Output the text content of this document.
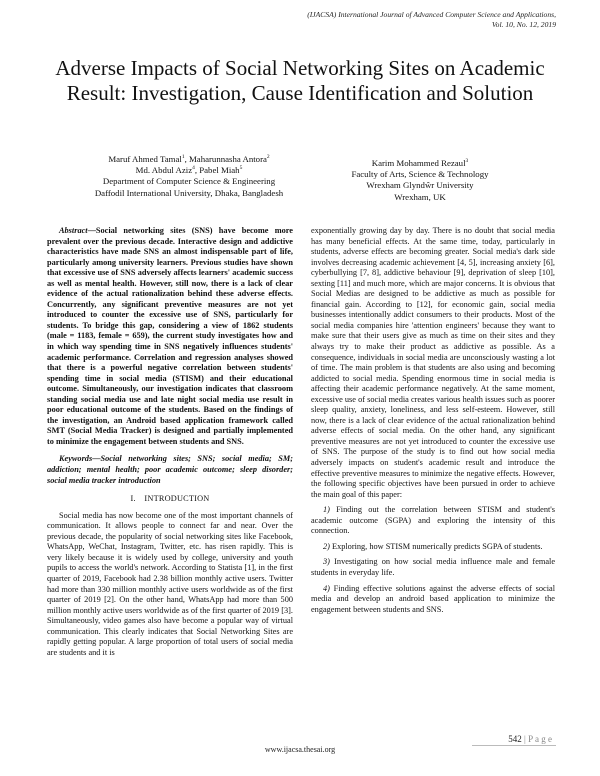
(IJACSA) International Journal of Advanced Computer Science and Applications,
Vol. 10, No. 12, 2019
Adverse Impacts of Social Networking Sites on Academic Result: Investigation, Cause Identification and Solution
Maruf Ahmed Tamal$^1$, Maharunnasha Antora$^2$
Md. Abdul Aziz$^4$, Pabel Miah$^5$
Department of Computer Science & Engineering
Daffodil International University, Dhaka, Bangladesh
Karim Mohammed Rezaul$^3$
Faculty of Arts, Science & Technology
Wrexham Glyndŵr University
Wrexham, UK

Abstract—Social networking sites (SNS) have become more prevalent over the previous decade. Interactive design and addictive characteristics have made SNS an almost indispensable part of life, particularly among university learners. Previous studies have shown that excessive use of SNS adversely affects learners' academic success as well as mental health. However, still now, there is a lack of clear evidence of the actual rationalization behind these adverse effects. Concurrently, any significant preventive measures are not yet introduced to counter the excessive use of SNS, particularly for students. To bridge this gap, considering a view of 1862 students (male = 1183, female = 659), the current study investigates how and in which way spending time in SNS negatively influences students' academic performance. Correlation and regression analyses showed that there is a powerful negative correlation between students' spending time in social media (STISM) and their educational outcome. Simultaneously, our investigation indicates that classroom standing social media use and late night social media use result in poor educational outcome of the students. Based on the findings of the investigation, an Android based application framework called SMT (Social Media Tracker) is designed and partially implemented to minimize the engagement between students and SNS.

Keywords—Social networking sites; SNS; social media; SM; addiction; mental health; poor academic outcome; sleep disorder; social media tracker introduction

I.  INTRODUCTION

Social media has now become one of the most important channels of communication. It allows people to connect far and near. Over the previous decade, the popularity of social networking sites like Facebook, WhatsApp, WeChat, Instagram, Twitter, etc. has risen rapidly. This is very likely because it is widely used by college, university and youth pupils to access the world's network. According to Statista [1], in the first quarter of 2019, Facebook had 2.38 billion monthly active users. Twitter had more than 330 million monthly active users worldwide as of the first quarter of 2019 [2]. On the other hand, WhatsApp had more than 500 million monthly active users worldwide as of the first quarter of 2019 [3]. Simultaneously, video games also have become a popular way of virtual communication. This clearly indicates that Social Networking Sites are rapidly getting popular. A large proportion of total users of social media are students and it is

exponentially growing day by day. There is no doubt that social media has many beneficial effects. At the same time, today, particularly in students, adverse effects are becoming greater. Social media's dark side involves decreasing academic achievement [4, 5], increasing anxiety [6], cyberbullying [7, 8], addictive behaviour [9], deprivation of sleep [10], sexting [11] and much more, which are major concerns. It is obvious that Social Medias are designed to be addictive as much as possible for financial gain. According to [12], for economic gain, social media businesses intentionally addict consumers to their products. Most of the social media companies hire 'attention engineers' because they want to make sure that their users give as much as time on their sites and they always try to make their product as addictive as possible. As a consequence, individuals in social media are unconsciously wasting a lot of time. The main problem is that students are also using and becoming addicted to social media. Spending enormous time in social media is affecting their academic performance negatively. At the same moment, excessive use of social media creates various health issues such as poorer sleep quality, anxiety, loneliness, and less self-esteem. However, still now, there is a lack of clear evidence of the actual rationalization behind adverse effects of social media. On the other hand, any significant preventive measures are not yet introduced to counter the excessive use of SNS. The purpose of the study is to find out how social media adversely impacts on student's academic result and introduce the effective preventive measures to minimize the negative effects. However, the following specific objectives have been pursued in order to achieve the main goal of this paper:

1) Finding out the correlation between STISM and student's academic outcome (SGPA) and exploring the intensity of this connection.

2) Exploring, how STISM numerically predicts SGPA of students.

3) Investigating on how social media influence male and female students in everyday life.

4) Finding effective solutions against the adverse effects of social media and develop an android based application to minimize the engagement between students and SNS.

542 | P a g e
www.ijacsa.thesai.org
